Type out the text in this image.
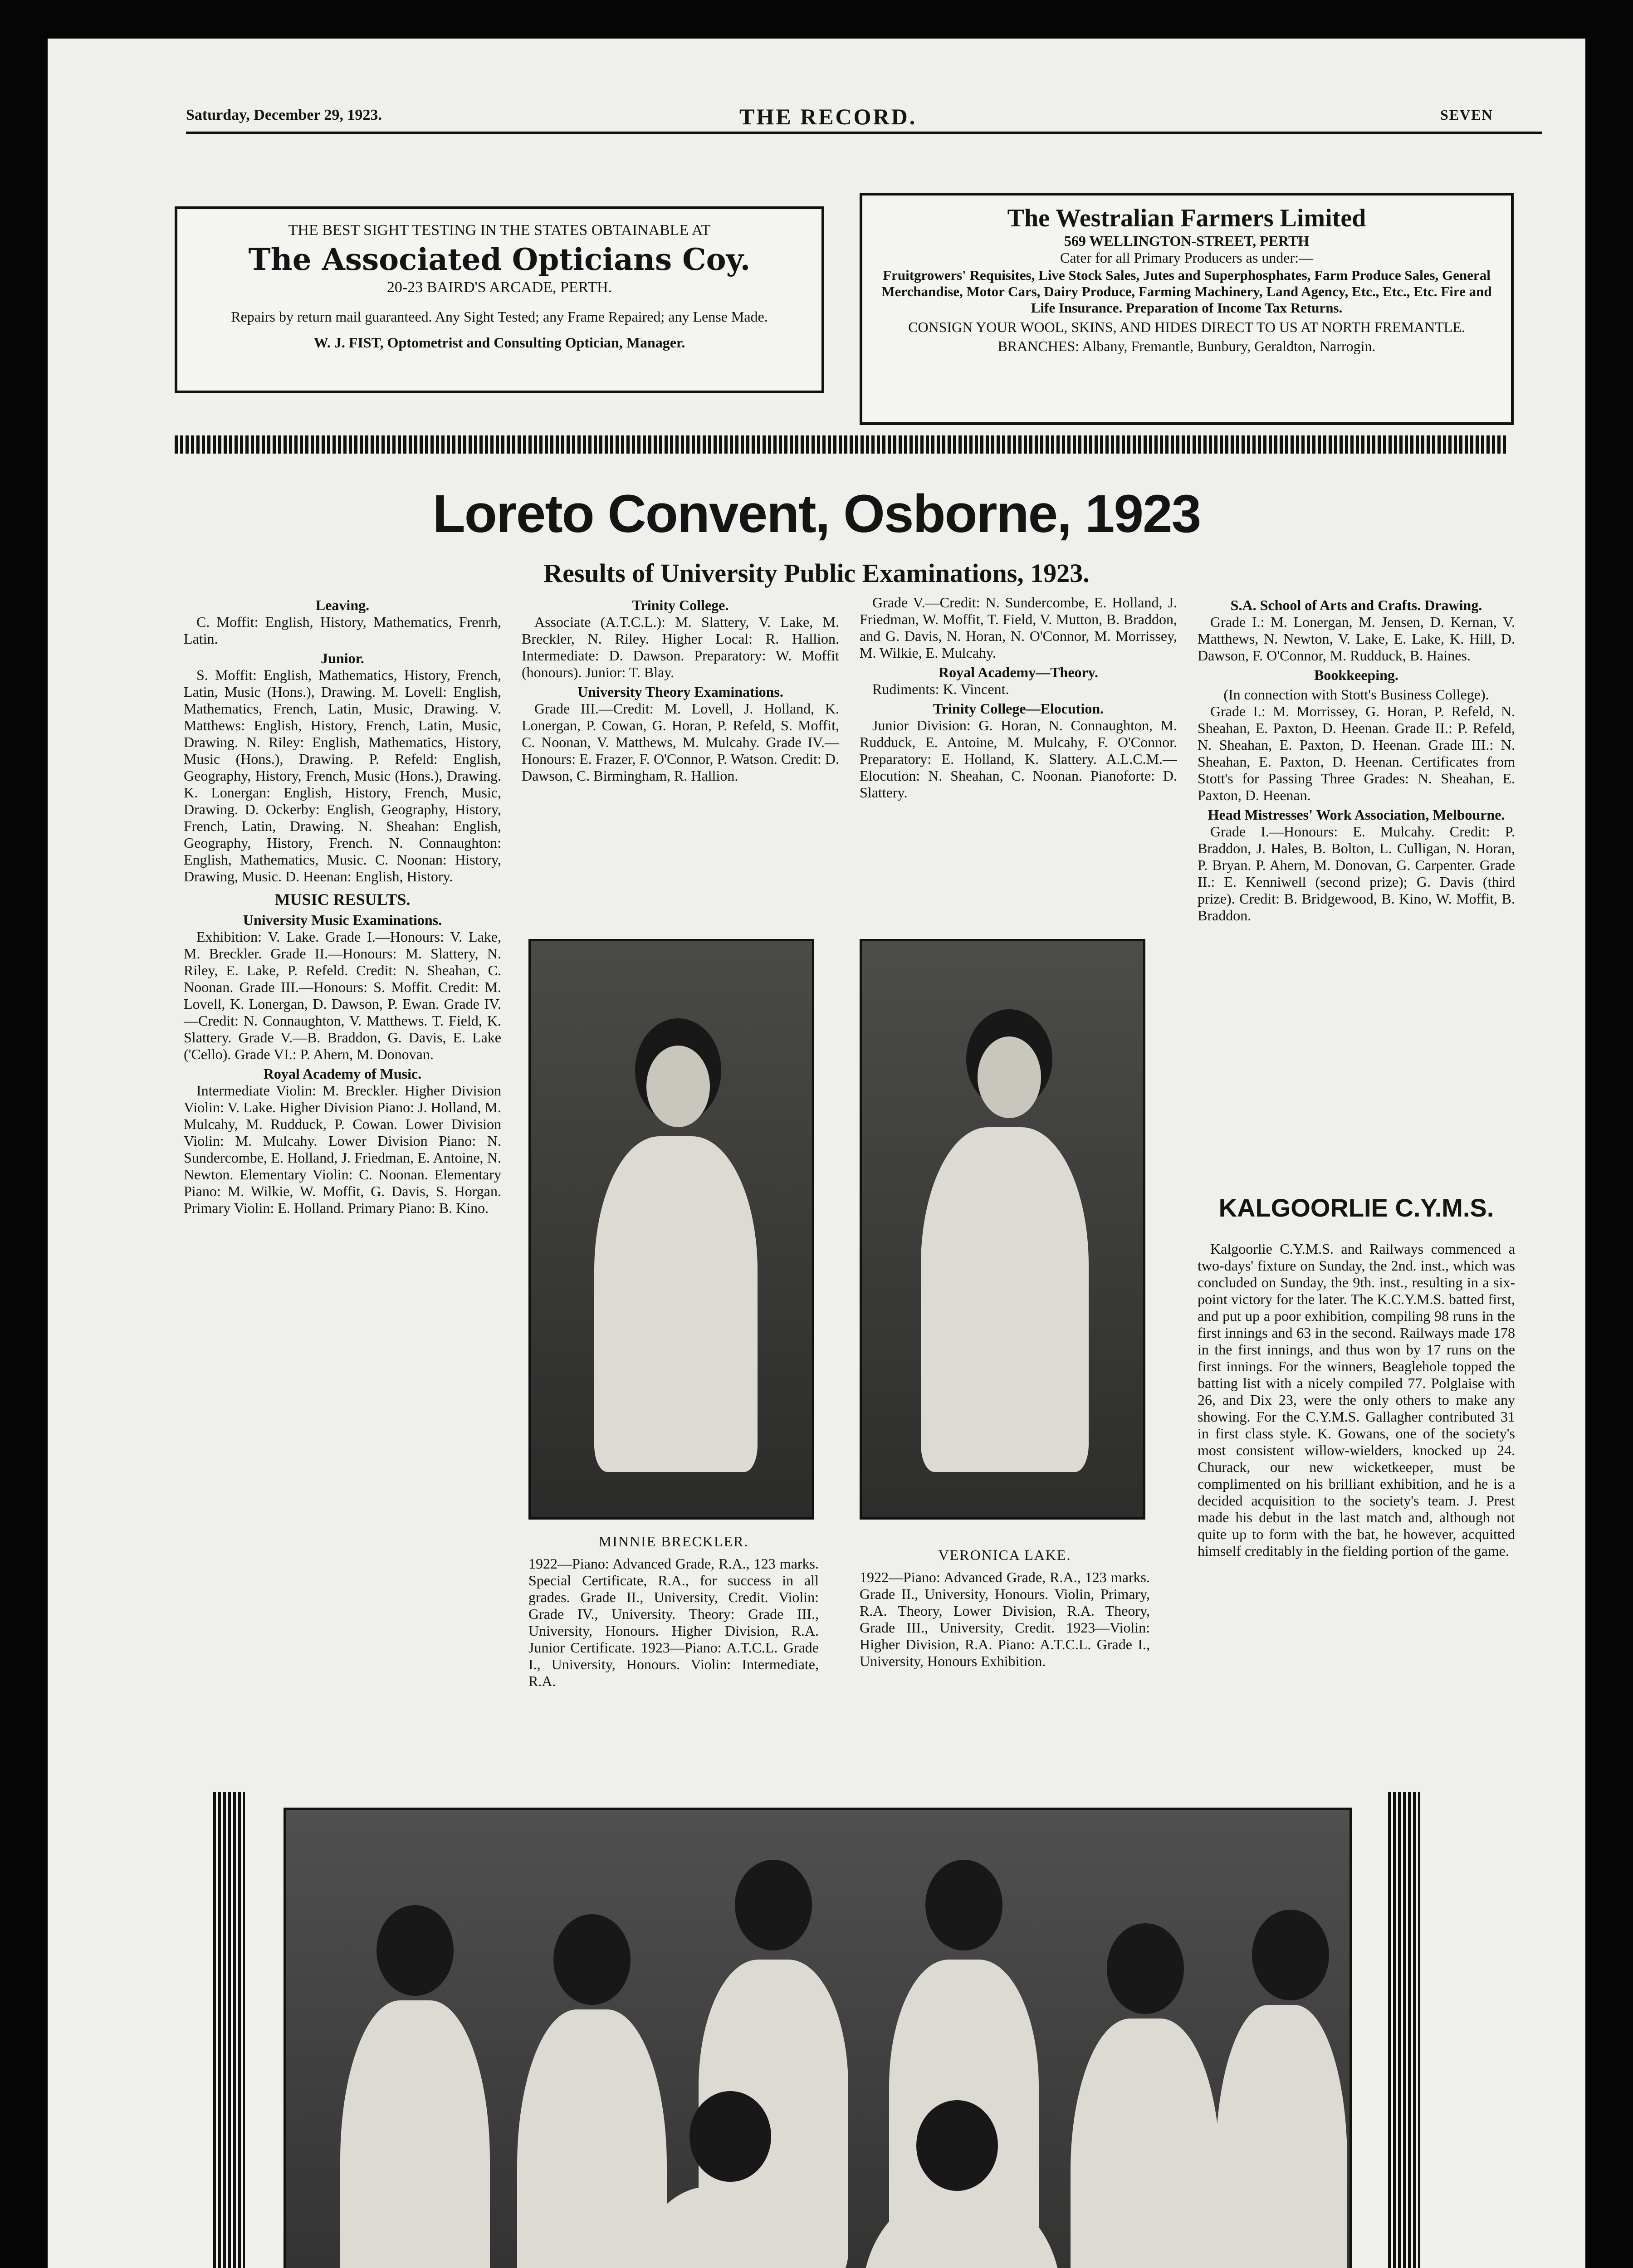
Saturday, December 29, 1923.	THE RECORD.	SEVEN
THE BEST SIGHT TESTING IN THE STATES OBTAINABLE AT
The Associated Opticians Coy.
20-23 BAIRD'S ARCADE, PERTH.
Repairs by return mail guaranteed. Any Sight Tested; any Frame Repaired; any Lense Made.
W. J. FIST, Optometrist and Consulting Optician, Manager.
The Westralian Farmers Limited
569 WELLINGTON-STREET, PERTH
Cater for all Primary Producers as under:—
Fruitgrowers' Requisites, Live Stock Sales, Jutes and Superphosphates, Farm Produce Sales, General Merchandise, Motor Cars, Dairy Produce, Farming Machinery, Land Agency, Etc., Etc., Etc. Fire and Life Insurance. Preparation of Income Tax Returns.
CONSIGN YOUR WOOL, SKINS, AND HIDES DIRECT TO US AT NORTH FREMANTLE.
BRANCHES: Albany, Fremantle, Bunbury, Geraldton, Narrogin.
Loreto Convent, Osborne, 1923
Results of University Public Examinations, 1923.

Leaving.

C. Moffit: English, History, Mathematics, Frenrh, Latin.

Junior.

S. Moffit: English, Mathematics, History, French, Latin, Music (Hons.), Drawing. M. Lovell: English, Mathematics, French, Latin, Music, Drawing. V. Matthews: English, History, French, Latin, Music, Drawing. N. Riley: English, Mathematics, History, Music (Hons.), Drawing. P. Refeld: English, Geography, History, French, Music (Hons.), Drawing. K. Lonergan: English, History, French, Music, Drawing. D. Ockerby: English, Geography, History, French, Latin, Drawing. N. Sheahan: English, Geography, History, French. N. Connaughton: English, Mathematics, Music. C. Noonan: History, Drawing, Music. D. Heenan: English, History.

MUSIC RESULTS.

University Music Examinations.

Exhibition: V. Lake. Grade I.—Honours: V. Lake, M. Breckler. Grade II.—Honours: M. Slattery, N. Riley, E. Lake, P. Refeld. Credit: N. Sheahan, C. Noonan. Grade III.—Honours: S. Moffit. Credit: M. Lovell, K. Lonergan, D. Dawson, P. Ewan. Grade IV.—Credit: N. Connaughton, V. Matthews. T. Field, K. Slattery. Grade V.—B. Braddon, G. Davis, E. Lake ('Cello). Grade VI.: P. Ahern, M. Donovan.

Royal Academy of Music.

Intermediate Violin: M. Breckler. Higher Division Violin: V. Lake. Higher Division Piano: J. Holland, M. Mulcahy, M. Rudduck, P. Cowan. Lower Division Violin: M. Mulcahy. Lower Division Piano: N. Sundercombe, E. Holland, J. Friedman, E. Antoine, N. Newton. Elementary Violin: C. Noonan. Elementary Piano: M. Wilkie, W. Moffit, G. Davis, S. Horgan. Primary Violin: E. Holland. Primary Piano: B. Kino.

Trinity College.

Associate (A.T.C.L.): M. Slattery, V. Lake, M. Breckler, N. Riley. Higher Local: R. Hallion. Intermediate: D. Dawson. Preparatory: W. Moffit (honours). Junior: T. Blay.

University Theory Examinations.

Grade III.—Credit: M. Lovell, J. Holland, K. Lonergan, P. Cowan, G. Horan, P. Refeld, S. Moffit, C. Noonan, V. Matthews, M. Mulcahy. Grade IV.—Honours: E. Frazer, F. O'Connor, P. Watson. Credit: D. Dawson, C. Birmingham, R. Hallion.

Grade V.—Credit: N. Sundercombe, E. Holland, J. Friedman, W. Moffit, T. Field, V. Mutton, B. Braddon, and G. Davis, N. Horan, N. O'Connor, M. Morrissey, M. Wilkie, E. Mulcahy.

Royal Academy—Theory.

Rudiments: K. Vincent.

Trinity College—Elocution.

Junior Division: G. Horan, N. Connaughton, M. Rudduck, E. Antoine, M. Mulcahy, F. O'Connor. Preparatory: E. Holland, K. Slattery. A.L.C.M.—Elocution: N. Sheahan, C. Noonan. Pianoforte: D. Slattery.

MINNIE BRECKLER.
1922—Piano: Advanced Grade, R.A., 123 marks. Special Certificate, R.A., for success in all grades. Grade II., University, Credit. Violin: Grade IV., University. Theory: Grade III., University, Honours. Higher Division, R.A. Junior Certificate. 1923—Piano: A.T.C.L. Grade I., University, Honours. Violin: Intermediate, R.A.
VERONICA LAKE.
1922—Piano: Advanced Grade, R.A., 123 marks. Grade II., University, Honours. Violin, Primary, R.A. Theory, Lower Division, R.A. Theory, Grade III., University, Credit. 1923—Violin: Higher Division, R.A. Piano: A.T.C.L. Grade I., University, Honours Exhibition.

S.A. School of Arts and Crafts. Drawing.

Grade I.: M. Lonergan, M. Jensen, D. Kernan, V. Matthews, N. Newton, V. Lake, E. Lake, K. Hill, D. Dawson, F. O'Connor, M. Rudduck, B. Haines.

Bookkeeping.

(In connection with Stott's Business College).

Grade I.: M. Morrissey, G. Horan, P. Refeld, N. Sheahan, E. Paxton, D. Heenan. Grade II.: P. Refeld, N. Sheahan, E. Paxton, D. Heenan. Grade III.: N. Sheahan, E. Paxton, D. Heenan. Certificates from Stott's for Passing Three Grades: N. Sheahan, E. Paxton, D. Heenan.

Head Mistresses' Work Association, Melbourne.

Grade I.—Honours: E. Mulcahy. Credit: P. Braddon, J. Hales, B. Bolton, L. Culligan, N. Horan, P. Bryan. P. Ahern, M. Donovan, G. Carpenter. Grade II.: E. Kenniwell (second prize); G. Davis (third prize). Credit: B. Bridgewood, B. Kino, W. Moffit, B. Braddon.

KALGOORLIE C.Y.M.S.

Kalgoorlie C.Y.M.S. and Railways commenced a two-days' fixture on Sunday, the 2nd. inst., which was concluded on Sunday, the 9th. inst., resulting in a six-point victory for the later. The K.C.Y.M.S. batted first, and put up a poor exhibition, compiling 98 runs in the first innings and 63 in the second. Railways made 178 in the first innings, and thus won by 17 runs on the first innings. For the winners, Beaglehole topped the batting list with a nicely compiled 77. Polglaise with 26, and Dix 23, were the only others to make any showing. For the C.Y.M.S. Gallagher contributed 31 in first class style. K. Gowans, one of the society's most consistent willow-wielders, knocked up 24. Churack, our new wicketkeeper, must be complimented on his brilliant exhibition, and he is a decided acquisition to the society's team. J. Prest made his debut in the last match and, although not quite up to form with the bat, he however, acquitted himself creditably in the fielding portion of the game.
